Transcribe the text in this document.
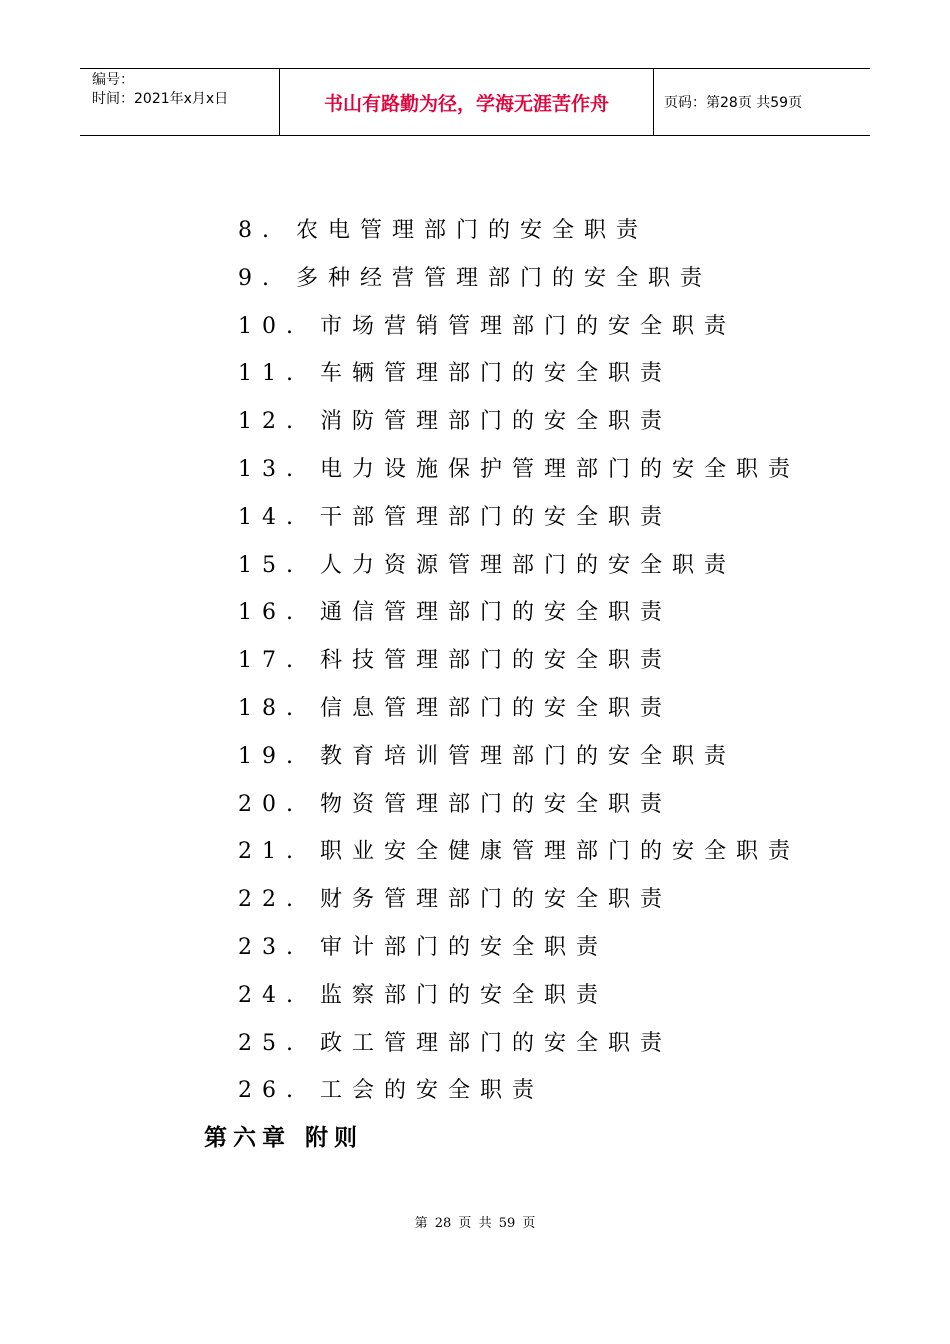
编号：
时间：2021年x月x日	书山有路勤为径，学海无涯苦作舟	页码：第28页 共59页
8. 农电管理部门的安全职责
9. 多种经营管理部门的安全职责
10. 市场营销管理部门的安全职责
11. 车辆管理部门的安全职责
12. 消防管理部门的安全职责
13. 电力设施保护管理部门的安全职责
14. 干部管理部门的安全职责
15. 人力资源管理部门的安全职责
16. 通信管理部门的安全职责
17. 科技管理部门的安全职责
18. 信息管理部门的安全职责
19. 教育培训管理部门的安全职责
20. 物资管理部门的安全职责
21. 职业安全健康管理部门的安全职责
22. 财务管理部门的安全职责
23. 审计部门的安全职责
24. 监察部门的安全职责
25. 政工管理部门的安全职责
26. 工会的安全职责
第六章 附则
第 28 页 共 59 页
